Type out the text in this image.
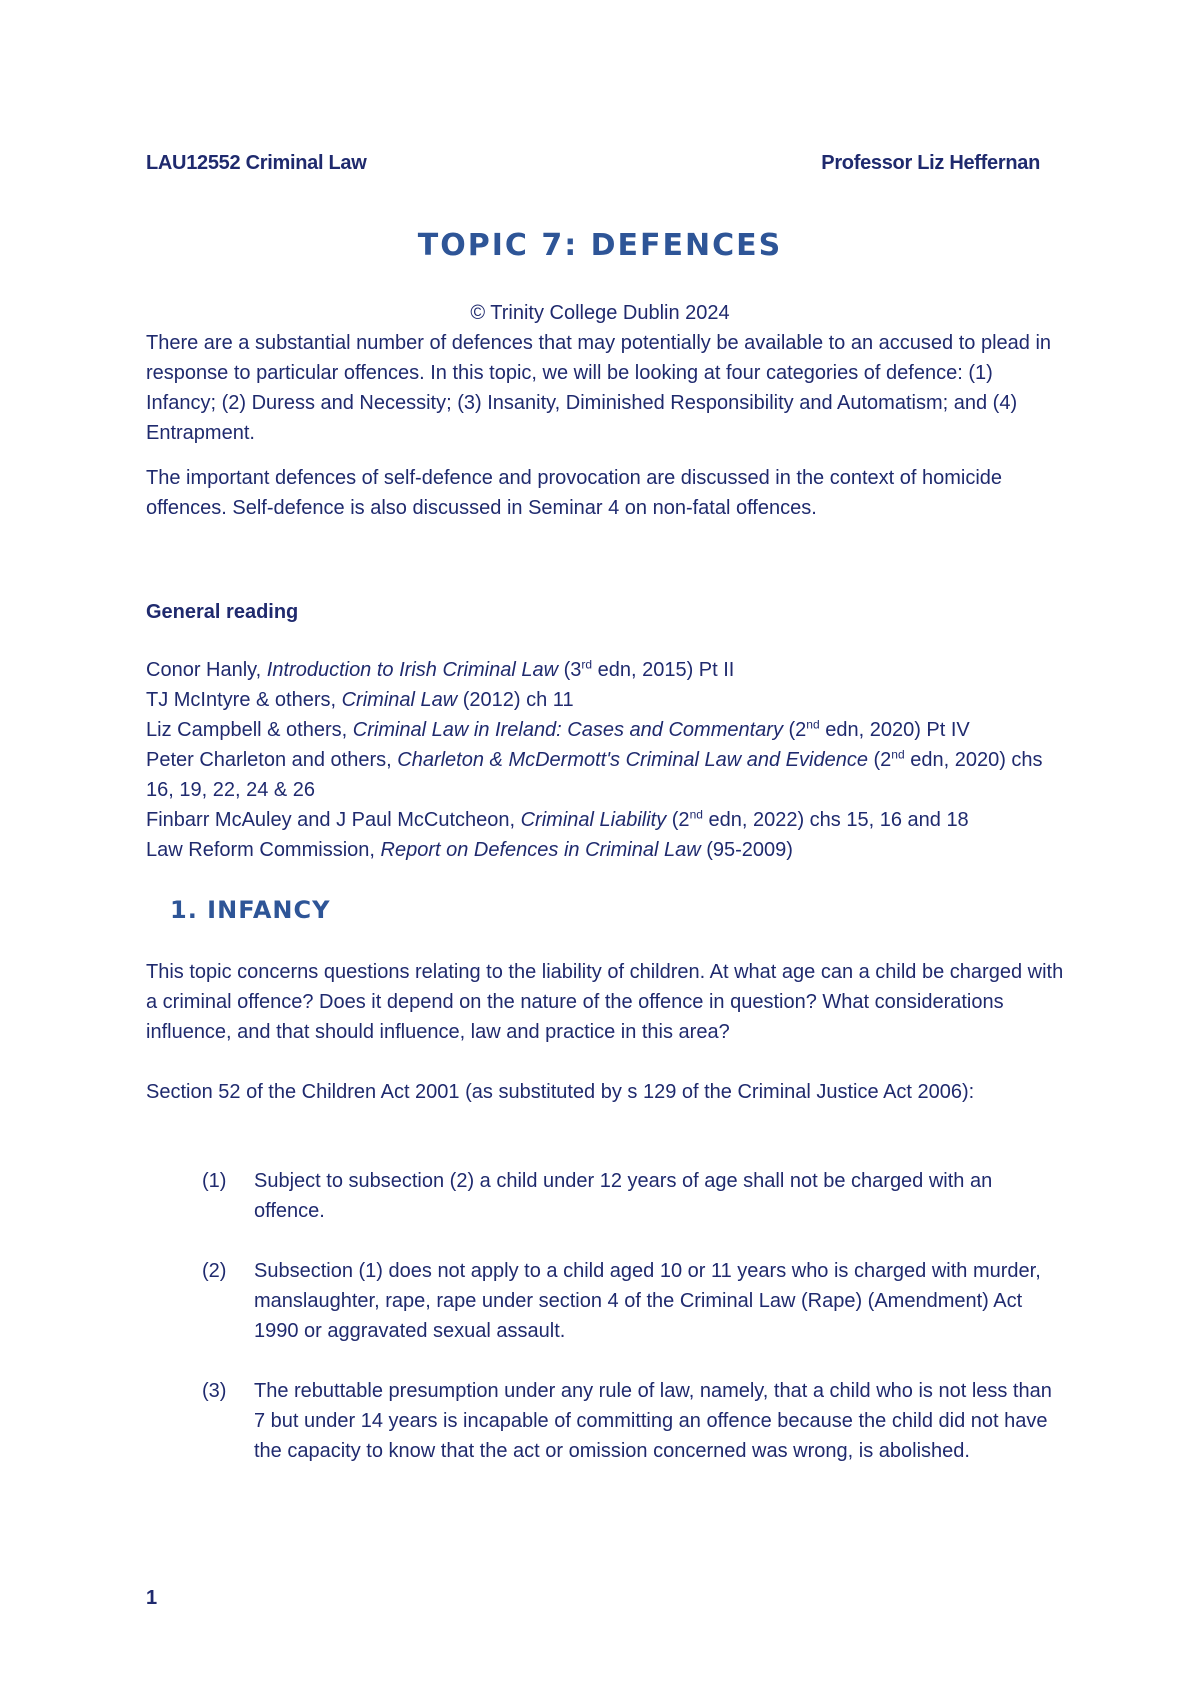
LAU12552 Criminal Law	Professor Liz Heffernan
TOPIC 7: DEFENCES
© Trinity College Dublin 2024

There are a substantial number of defences that may potentially be available to an accused to plead in response to particular offences. In this topic, we will be looking at four categories of defence: (1) Infancy; (2) Duress and Necessity; (3) Insanity, Diminished Responsibility and Automatism; and (4) Entrapment.

The important defences of self-defence and provocation are discussed in the context of homicide offences. Self-defence is also discussed in Seminar 4 on non-fatal offences.

General reading
Conor Hanly, Introduction to Irish Criminal Law (3rd edn, 2015) Pt II
TJ McIntyre & others, Criminal Law (2012) ch 11
Liz Campbell & others, Criminal Law in Ireland: Cases and Commentary (2nd edn, 2020) Pt IV
Peter Charleton and others, Charleton & McDermott's Criminal Law and Evidence (2nd edn, 2020) chs 16, 19, 22, 24 & 26
Finbarr McAuley and J Paul McCutcheon, Criminal Liability (2nd edn, 2022) chs 15, 16 and 18
Law Reform Commission, Report on Defences in Criminal Law (95-2009)
1. INFANCY

This topic concerns questions relating to the liability of children. At what age can a child be charged with a criminal offence? Does it depend on the nature of the offence in question? What considerations influence, and that should influence, law and practice in this area?

Section 52 of the Children Act 2001 (as substituted by s 129 of the Criminal Justice Act 2006):

(1)	Subject to subsection (2) a child under 12 years of age shall not be charged with an offence.
(2)	Subsection (1) does not apply to a child aged 10 or 11 years who is charged with murder, manslaughter, rape, rape under section 4 of the Criminal Law (Rape) (Amendment) Act 1990 or aggravated sexual assault.
(3)	The rebuttable presumption under any rule of law, namely, that a child who is not less than 7 but under 14 years is incapable of committing an offence because the child did not have the capacity to know that the act or omission concerned was wrong, is abolished.
1
